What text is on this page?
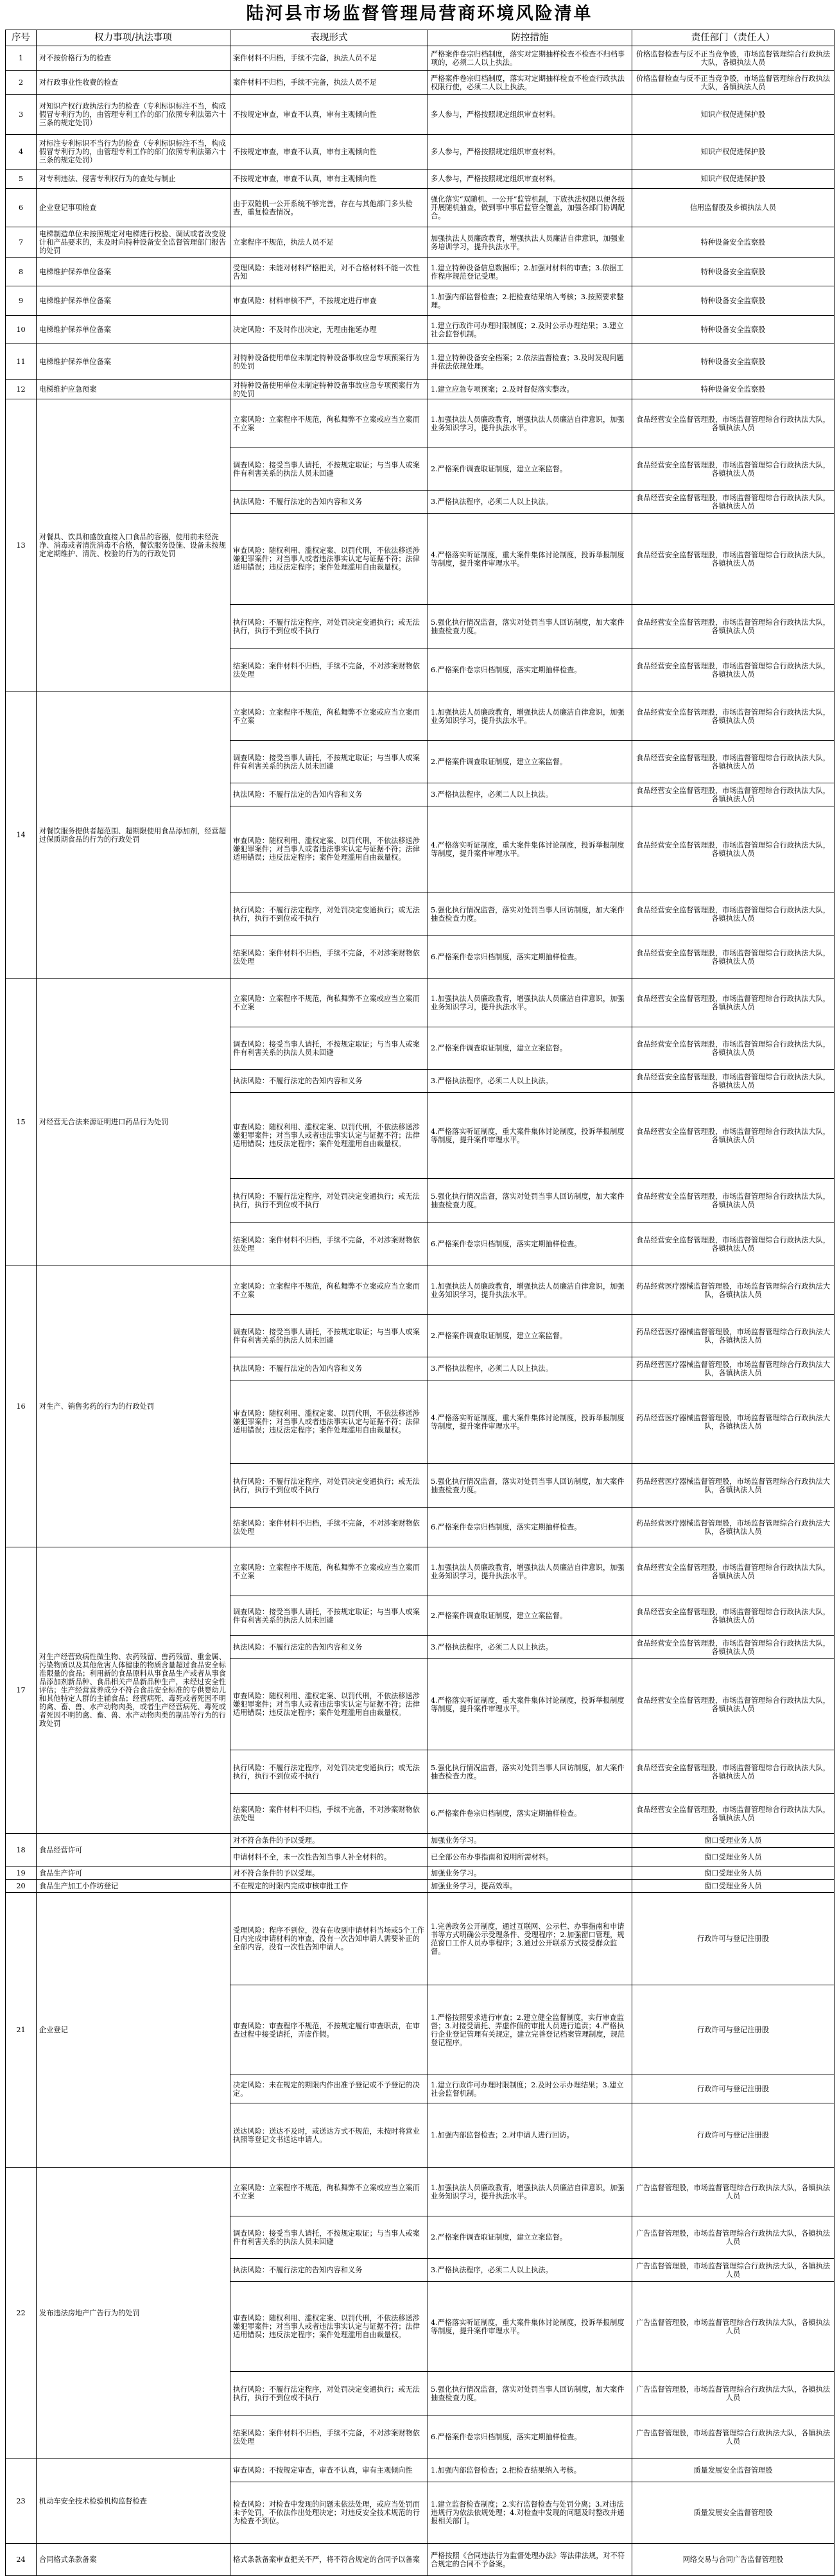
陆河县市场监督管理局营商环境风险清单
序号	权力事项/执法事项	表现形式	防控措施	责任部门（责任人）
1	对不按价格行为的检查	案件材料不归档，手续不完备，执法人员不足	严格案件卷宗归档制度，落实对定期抽样检查不检查不归档事项的，必须二人以上执法。	价格监督检查与反不正当竞争股，市场监督管理综合行政执法大队，各镇执法人员
2	对行政事业性收费的检查	案件材料不归档，手续不完备，执法人员不足	严格案件卷宗归档制度，落实对定期抽样检查不检查行政执法权限行使，必须二人以上执法。	价格监督检查与反不正当竞争股，市场监督管理综合行政执法大队，各镇执法人员
3	对知识产权行政执法行为的检查（专利标识标注不当，构成假冒专利行为的，由管理专利工作的部门依照专利法第六十三条的规定处罚）	不按规定审查，审查不认真，审有主观倾向性	多人参与，严格按照规定组织审查材料。	知识产权促进保护股
4	对标注专利标识不当行为的检查（专利标识标注不当，构成假冒专利行为的，由管理专利工作的部门依照专利法第六十三条的规定处罚）	不按规定审查，审查不认真，审有主观倾向性	多人参与，严格按照规定组织审查材料。	知识产权促进保护股
5	对专利违法、侵害专利权行为的查处与制止	不按规定审查，审查不认真，审有主观倾向性	多人参与，严格按照规定组织审查材料。	知识产权促进保护股
6	企业登记事项检查	由于双随机一公开系统不够完善，存在与其他部门多头检查，重复检查情况。	强化落实“双随机、一公开”监管机制，下放执法权限以便各级开展随机抽查，做到事中事后监管全覆盖，加强各部门协调配合。	信用监督股及乡镇执法人员
7	电梯制造单位未按照规定对电梯进行校验、调试或者改变设计和产品要求的，未及时向特种设备安全监督管理部门报告的处罚	立案程序不规范，执法人员不足	加强执法人员廉政教育，增强执法人员廉洁自律意识，加强业务培训学习，提升执法水平。	特种设备安全监察股
8	电梯维护保养单位备案	受理风险：未能对材料严格把关，对不合格材料不能一次性告知	1.建立特种设备信息数据库；2.加强对材料的审查；3.依据工作程序规范登记受理。	特种设备安全监察股
9	电梯维护保养单位备案	审查风险：材料审核不严，不按规定进行审查	1.加强内部监督检查；2.把检查结果纳入考核；3.按照要求整理。	特种设备安全监察股
10	电梯维护保养单位备案	决定风险：不及时作出决定，无理由拖延办理	1.建立行政许可办理时限制度；2.及时公示办理结果；3.建立社会监督机制。	特种设备安全监察股
11	电梯维护保养单位备案	对特种设备使用单位未制定特种设备事故应急专项预案行为的处罚	1.建立特种设备安全档案；2.依法监督检查；3.及时发现问题并依法依规处理。	特种设备安全监察股
12	电梯维护应急预案	对特种设备使用单位未制定特种设备事故应急专项预案行为的处罚	1.建立应急专项预案；2.及时督促落实整改。	特种设备安全监察股
13	对餐具、饮具和盛放直接入口食品的容器，使用前未经洗净、消毒或者清洗消毒不合格，餐饮服务设施、设备未按规定定期维护、清洗、校验的行为的行政处罚	立案风险：立案程序不规范，徇私舞弊不立案或应当立案而不立案	1.加强执法人员廉政教育，增强执法人员廉洁自律意识，加强业务知识学习，提升执法水平。	食品经营安全监督管理股，市场监督管理综合行政执法大队，各镇执法人员
		调查风险：接受当事人请托，不按规定取证；与当事人或案件有利害关系的执法人员未回避	2.严格案件调查取证制度，建立立案监督。	食品经营安全监督管理股，市场监督管理综合行政执法大队，各镇执法人员
		执法风险：不履行法定的告知内容和义务	3.严格执法程序，必须二人以上执法。	食品经营安全监督管理股，市场监督管理综合行政执法大队，各镇执法人员
		审查风险：随权利用、滥权定案、以罚代刑，不依法移送涉嫌犯罪案件；对当事人或者违法事实认定与证据不符；法律适用错误；违反法定程序；案件处理滥用自由裁量权。	4.严格落实听证制度，重大案件集体讨论制度，投诉举报制度等制度，提升案件审理水平。	食品经营安全监督管理股，市场监督管理综合行政执法大队，各镇执法人员
		执行风险：不履行法定程序，对处罚决定变通执行；或无法执行，执行不到位或不执行	5.强化执行情况监督，落实对处罚当事人回访制度，加大案件抽查检查力度。	食品经营安全监督管理股，市场监督管理综合行政执法大队，各镇执法人员
		结案风险：案件材料不归档，手续不完备，不对涉案财物依法处理	6.严格案件卷宗归档制度，落实定期抽样检查。	食品经营安全监督管理股，市场监督管理综合行政执法大队，各镇执法人员
14	对餐饮服务提供者超范围、超期限使用食品添加剂，经营超过保质期食品的行为的行政处罚	立案风险：立案程序不规范，徇私舞弊不立案或应当立案而不立案	1.加强执法人员廉政教育，增强执法人员廉洁自律意识，加强业务知识学习，提升执法水平。	食品经营安全监督管理股，市场监督管理综合行政执法大队，各镇执法人员
		调查风险：接受当事人请托，不按规定取证；与当事人或案件有利害关系的执法人员未回避	2.严格案件调查取证制度，建立立案监督。	食品经营安全监督管理股，市场监督管理综合行政执法大队，各镇执法人员
		执法风险：不履行法定的告知内容和义务	3.严格执法程序，必须二人以上执法。	食品经营安全监督管理股，市场监督管理综合行政执法大队，各镇执法人员
		审查风险：随权利用、滥权定案、以罚代刑，不依法移送涉嫌犯罪案件；对当事人或者违法事实认定与证据不符；法律适用错误；违反法定程序；案件处理滥用自由裁量权。	4.严格落实听证制度，重大案件集体讨论制度，投诉举报制度等制度，提升案件审理水平。	食品经营安全监督管理股，市场监督管理综合行政执法大队，各镇执法人员
		执行风险：不履行法定程序，对处罚决定变通执行；或无法执行，执行不到位或不执行	5.强化执行情况监督，落实对处罚当事人回访制度，加大案件抽查检查力度。	食品经营安全监督管理股，市场监督管理综合行政执法大队，各镇执法人员
		结案风险：案件材料不归档，手续不完备，不对涉案财物依法处理	6.严格案件卷宗归档制度，落实定期抽样检查。	食品经营安全监督管理股，市场监督管理综合行政执法大队，各镇执法人员
15	对经营无合法来源证明进口药品行为处罚	立案风险：立案程序不规范，徇私舞弊不立案或应当立案而不立案	1.加强执法人员廉政教育，增强执法人员廉洁自律意识，加强业务知识学习，提升执法水平。	食品经营安全监督管理股，市场监督管理综合行政执法大队，各镇执法人员
		调查风险：接受当事人请托，不按规定取证；与当事人或案件有利害关系的执法人员未回避	2.严格案件调查取证制度，建立立案监督。	食品经营安全监督管理股，市场监督管理综合行政执法大队，各镇执法人员
		执法风险：不履行法定的告知内容和义务	3.严格执法程序，必须二人以上执法。	食品经营安全监督管理股，市场监督管理综合行政执法大队，各镇执法人员
		审查风险：随权利用、滥权定案、以罚代刑，不依法移送涉嫌犯罪案件；对当事人或者违法事实认定与证据不符；法律适用错误；违反法定程序；案件处理滥用自由裁量权。	4.严格落实听证制度，重大案件集体讨论制度，投诉举报制度等制度，提升案件审理水平。	食品经营安全监督管理股，市场监督管理综合行政执法大队，各镇执法人员
		执行风险：不履行法定程序，对处罚决定变通执行；或无法执行，执行不到位或不执行	5.强化执行情况监督，落实对处罚当事人回访制度，加大案件抽查检查力度。	食品经营安全监督管理股，市场监督管理综合行政执法大队，各镇执法人员
		结案风险：案件材料不归档，手续不完备，不对涉案财物依法处理	6.严格案件卷宗归档制度，落实定期抽样检查。	食品经营安全监督管理股，市场监督管理综合行政执法大队，各镇执法人员
16	对生产、销售劣药的行为的行政处罚	立案风险：立案程序不规范，徇私舞弊不立案或应当立案而不立案	1.加强执法人员廉政教育，增强执法人员廉洁自律意识，加强业务知识学习，提升执法水平。	药品经营医疗器械监督管理股，市场监督管理综合行政执法大队，各镇执法人员
		调查风险：接受当事人请托，不按规定取证；与当事人或案件有利害关系的执法人员未回避	2.严格案件调查取证制度，建立立案监督。	药品经营医疗器械监督管理股，市场监督管理综合行政执法大队，各镇执法人员
		执法风险：不履行法定的告知内容和义务	3.严格执法程序，必须二人以上执法。	药品经营医疗器械监督管理股，市场监督管理综合行政执法大队，各镇执法人员
		审查风险：随权利用、滥权定案、以罚代刑，不依法移送涉嫌犯罪案件；对当事人或者违法事实认定与证据不符；法律适用错误；违反法定程序；案件处理滥用自由裁量权。	4.严格落实听证制度，重大案件集体讨论制度，投诉举报制度等制度，提升案件审理水平。	药品经营医疗器械监督管理股，市场监督管理综合行政执法大队，各镇执法人员
		执行风险：不履行法定程序，对处罚决定变通执行；或无法执行，执行不到位或不执行	5.强化执行情况监督，落实对处罚当事人回访制度，加大案件抽查检查力度。	药品经营医疗器械监督管理股，市场监督管理综合行政执法大队，各镇执法人员
		结案风险：案件材料不归档，手续不完备，不对涉案财物依法处理	6.严格案件卷宗归档制度，落实定期抽样检查。	药品经营医疗器械监督管理股，市场监督管理综合行政执法大队，各镇执法人员
17	对生产经营致病性微生物、农药残留、兽药残留、重金属、污染物质以及其他危害人体健康的物质含量超过食品安全标准限量的食品；利用新的食品原料从事食品生产或者从事食品添加剂新品种、食品相关产品新品种生产，未经过安全性评估；生产经营营养成分不符合食品安全标准的专供婴幼儿和其他特定人群的主辅食品；经营病死、毒死或者死因不明的禽、畜、兽、水产动物肉类，或者生产经营病死、毒死或者死因不明的禽、畜、兽、水产动物肉类的制品等行为的行政处罚	立案风险：立案程序不规范，徇私舞弊不立案或应当立案而不立案	1.加强执法人员廉政教育，增强执法人员廉洁自律意识，加强业务知识学习，提升执法水平。	食品经营安全监督管理股，市场监督管理综合行政执法大队，各镇执法人员
		调查风险：接受当事人请托，不按规定取证；与当事人或案件有利害关系的执法人员未回避	2.严格案件调查取证制度，建立立案监督。	食品经营安全监督管理股，市场监督管理综合行政执法大队，各镇执法人员
		执法风险：不履行法定的告知内容和义务	3.严格执法程序，必须二人以上执法。	食品经营安全监督管理股，市场监督管理综合行政执法大队，各镇执法人员
		审查风险：随权利用、滥权定案、以罚代刑，不依法移送涉嫌犯罪案件；对当事人或者违法事实认定与证据不符；法律适用错误；违反法定程序；案件处理滥用自由裁量权。	4.严格落实听证制度，重大案件集体讨论制度，投诉举报制度等制度，提升案件审理水平。	食品经营安全监督管理股，市场监督管理综合行政执法大队，各镇执法人员
		执行风险：不履行法定程序，对处罚决定变通执行；或无法执行，执行不到位或不执行	5.强化执行情况监督，落实对处罚当事人回访制度，加大案件抽查检查力度。	食品经营安全监督管理股，市场监督管理综合行政执法大队，各镇执法人员
		结案风险：案件材料不归档，手续不完备，不对涉案财物依法处理	6.严格案件卷宗归档制度，落实定期抽样检查。	食品经营安全监督管理股，市场监督管理综合行政执法大队，各镇执法人员
18	食品经营许可	对不符合条件的予以受理。	加强业务学习。	窗口受理业务人员
		申请材料不全，未一次性告知当事人补全材料的。	已全部公布办事指南和说明所需材料。	窗口受理业务人员
19	食品生产许可	对不符合条件的予以受理。	加强业务学习。	窗口受理业务人员
20	食品生产加工小作坊登记	不在规定的时限内完成审核审批工作	加强业务学习，提高效率。	窗口受理业务人员
21	企业登记	受理风险：程序不到位，没有在收到申请材料当场或5个工作日内完成申请材料的审查，没有一次告知申请人需要补正的全部内容，没有一次性告知申请人。	1.完善政务公开制度，通过互联网、公示栏、办事指南和申请书等方式明确公示受理条件、受理程序；2.加强窗口管理，规范窗口工作人员办事程序；3.通过公开联系方式接受群众监督。	行政许可与登记注册股
		审查风险：审查程序不规范，不按规定履行审查职责，在审查过程中接受请托，弄虚作假。	1.严格按照要求进行审查；2.建立健全监督制度，实行审查监督；3.对接受请托、弄虚作假的审批人员进行追责；4.严格执行企业登记管理有关规定，建立完善登记档案管理制度，规范登记程序。	行政许可与登记注册股
		决定风险：未在规定的期限内作出准予登记或不予登记的决定。	1.建立行政许可办理时限制度；2.及时公示办理结果；3.建立社会监督机制。	行政许可与登记注册股
		送达风险：送达不及时，或送达方式不规范，未按时将营业执照等登记文书送达申请人。	1.加强内部监督检查；2.对申请人进行回访。	行政许可与登记注册股
22	发布违法房地产广告行为的处罚	立案风险：立案程序不规范，徇私舞弊不立案或应当立案而不立案	1.加强执法人员廉政教育，增强执法人员廉洁自律意识，加强业务知识学习，提升执法水平。	广告监督管理股，市场监督管理综合行政执法大队，各镇执法人员
		调查风险：接受当事人请托，不按规定取证；与当事人或案件有利害关系的执法人员未回避	2.严格案件调查取证制度，建立立案监督。	广告监督管理股，市场监督管理综合行政执法大队，各镇执法人员
		执法风险：不履行法定的告知内容和义务	3.严格执法程序，必须二人以上执法。	广告监督管理股，市场监督管理综合行政执法大队，各镇执法人员
		审查风险：随权利用、滥权定案、以罚代刑，不依法移送涉嫌犯罪案件；对当事人或者违法事实认定与证据不符；法律适用错误；违反法定程序；案件处理滥用自由裁量权。	4.严格落实听证制度，重大案件集体讨论制度，投诉举报制度等制度，提升案件审理水平。	广告监督管理股，市场监督管理综合行政执法大队，各镇执法人员
		执行风险：不履行法定程序，对处罚决定变通执行；或无法执行，执行不到位或不执行	5.强化执行情况监督，落实对处罚当事人回访制度，加大案件抽查检查力度。	广告监督管理股，市场监督管理综合行政执法大队，各镇执法人员
		结案风险：案件材料不归档，手续不完备，不对涉案财物依法处理	6.严格案件卷宗归档制度，落实定期抽样检查。	广告监督管理股，市场监督管理综合行政执法大队，各镇执法人员
23	机动车安全技术检验机构监督检查	审查风险：不按规定审查，审查不认真，审有主观倾向性	1.加强内部监督检查；2.把检查结果纳入考核。	质量发展安全监督管理股
		检查风险：对检查中发现的问题未依法处理，或应当处罚而未予处罚，不依法作出处理决定；对违反安全技术规范的行为检查不到位。	1.建立监督检查制度；2.实行监督检查与处罚分离；3.对违法违规行为依法依规处理；4.对检查中发现的问题及时整改并通报相关部门。	质量发展安全监督管理股
24	合同格式条款备案	格式条款备案审查把关不严，将不符合规定的合同予以备案	严格按照《合同违法行为监督处理办法》等法律法规，对不符合规定的合同不予备案。	网络交易与合同广告监督管理股
